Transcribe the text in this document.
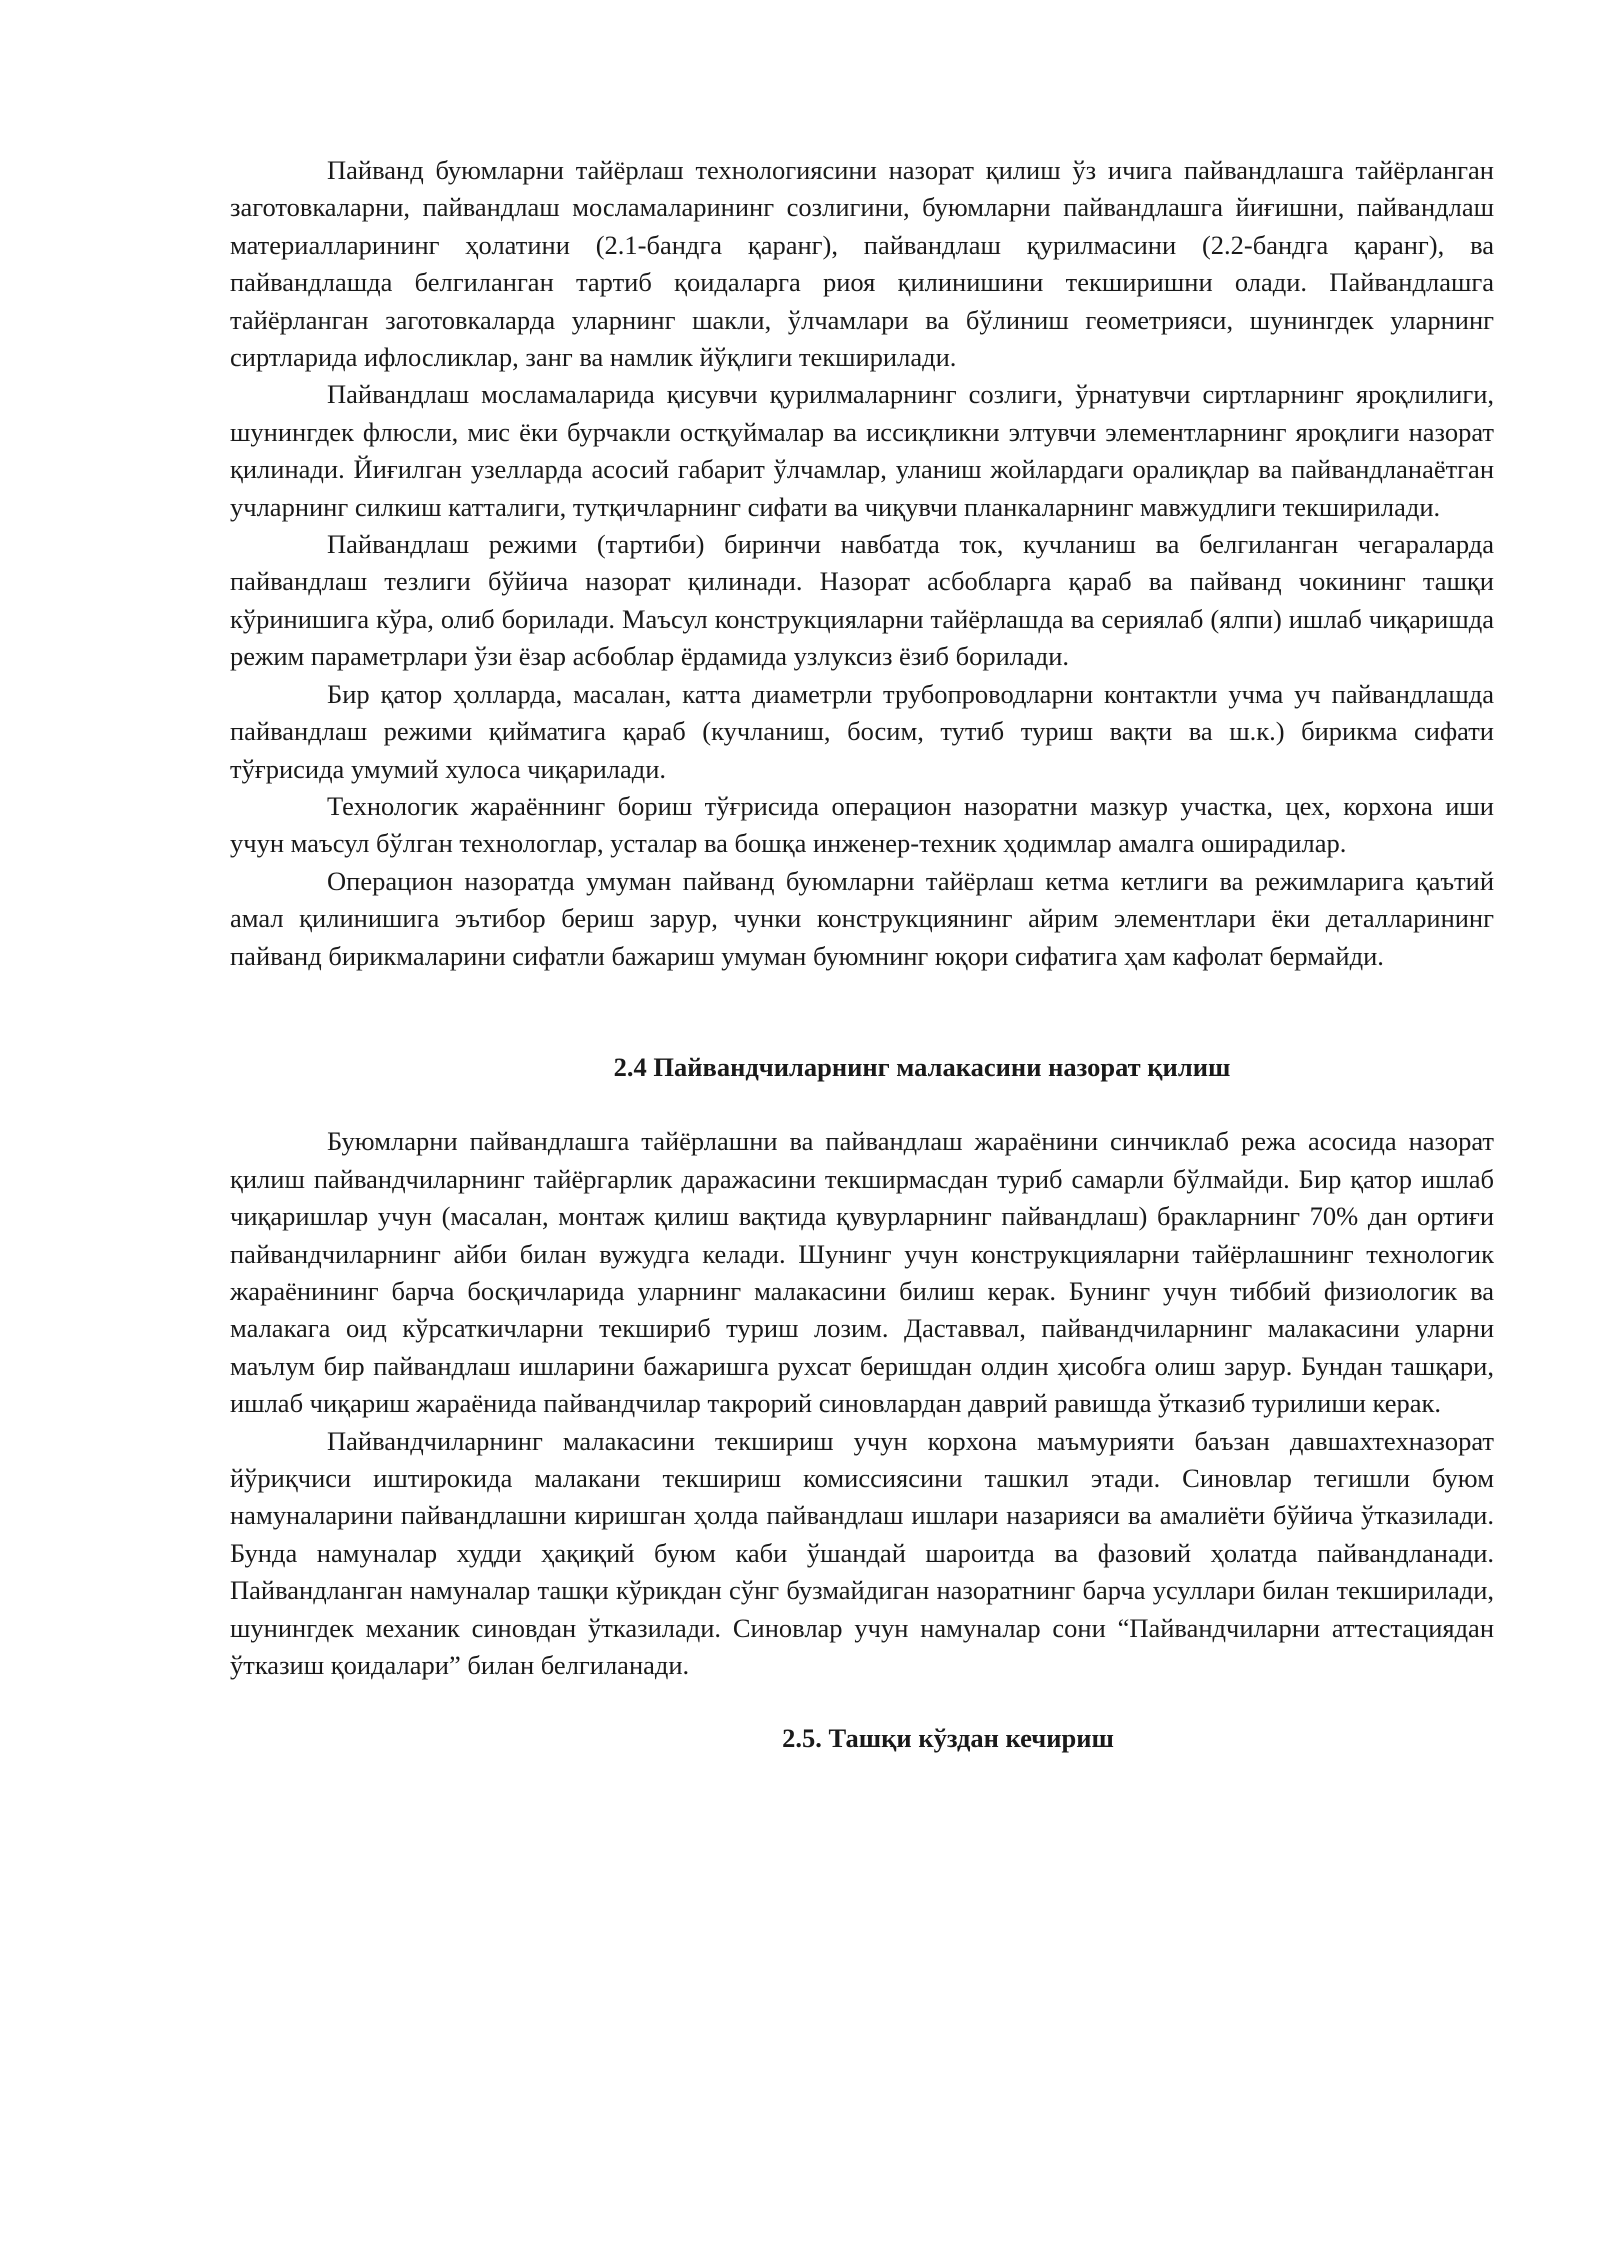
Пайванд буюмларни тайёрлаш технологиясини назорат қилиш ўз ичига пайвандлашга тайёрланган заготовкаларни, пайвандлаш мосламаларининг созлигини, буюмларни пайвандлашга йиғишни, пайвандлаш материалларининг ҳолатини (2.1-бандга қаранг), пайвандлаш қурилмасини (2.2-бандга қаранг), ва пайвандлашда белгиланган тартиб қоидаларга риоя қилинишини текширишни олади. Пайвандлашга тайёрланган заготовкаларда уларнинг шакли, ўлчамлари ва бўлиниш геометрияси, шунингдек уларнинг сиртларида ифлосликлар, занг ва намлик йўқлиги текширилади.

Пайвандлаш мосламаларида қисувчи қурилмаларнинг созлиги, ўрнатувчи сиртларнинг яроқлилиги, шунингдек флюсли, мис ёки бурчакли остқуймалар ва иссиқликни элтувчи элементларнинг яроқлиги назорат қилинади. Йиғилган узелларда асосий габарит ўлчамлар, уланиш жойлардаги оралиқлар ва пайвандланаётган учларнинг силкиш катталиги, тутқичларнинг сифати ва чиқувчи планкаларнинг мавжудлиги текширилади.

Пайвандлаш режими (тартиби) биринчи навбатда ток, кучланиш ва белгиланган чегараларда пайвандлаш тезлиги бўйича назорат қилинади. Назорат асбобларга қараб ва пайванд чокининг ташқи кўринишига кўра, олиб борилади. Маъсул конструкцияларни тайёрлашда ва сериялаб (ялпи) ишлаб чиқаришда режим параметрлари ўзи ёзар асбоблар ёрдамида узлуксиз ёзиб борилади.

Бир қатор ҳолларда, масалан, катта диаметрли трубопроводларни контактли учма уч пайвандлашда пайвандлаш режими қийматига қараб (кучланиш, босим, тутиб туриш вақти ва ш.к.) бирикма сифати тўғрисида умумий хулоса чиқарилади.

Технологик жараённинг бориш тўғрисида операцион назоратни мазкур участка, цех, корхона иши учун маъсул бўлган технологлар, усталар ва бошқа инженер-техник ҳодимлар амалга оширадилар.

Операцион назоратда умуман пайванд буюмларни тайёрлаш кетма кетлиги ва режимларига қаътий амал қилинишига эътибор бериш зарур, чунки конструкциянинг айрим элементлари ёки деталларининг пайванд бирикмаларини сифатли бажариш умуман буюмнинг юқори сифатига ҳам кафолат бермайди.

2.4 Пайвандчиларнинг малакасини назорат қилиш

Буюмларни пайвандлашга тайёрлашни ва пайвандлаш жараёнини синчиклаб режа асосида назорат қилиш пайвандчиларнинг тайёргарлик даражасини текширмасдан туриб самарли бўлмайди. Бир қатор ишлаб чиқаришлар учун (масалан, монтаж қилиш вақтида қувурларнинг пайвандлаш) бракларнинг 70% дан ортиғи пайвандчиларнинг айби билан вужудга келади. Шунинг учун конструкцияларни тайёрлашнинг технологик жараёнининг барча босқичларида уларнинг малакасини билиш керак. Бунинг учун тиббий физиологик ва малакага оид кўрсаткичларни текшириб туриш лозим. Даставвал, пайвандчиларнинг малакасини уларни маълум бир пайвандлаш ишларини бажаришга рухсат беришдан олдин ҳисобга олиш зарур. Бундан ташқари, ишлаб чиқариш жараёнида пайвандчилар такрорий синовлардан даврий равишда ўтказиб турилиши керак.

Пайвандчиларнинг малакасини текшириш учун корхона маъмурияти баъзан давшахтехназорат йўриқчиси иштирокида малакани текшириш комиссиясини ташкил этади. Синовлар тегишли буюм намуналарини пайвандлашни киришган ҳолда пайвандлаш ишлари назарияси ва амалиёти бўйича ўтказилади. Бунда намуналар худди ҳақиқий буюм каби ўшандай шароитда ва фазовий ҳолатда пайвандланади. Пайвандланган намуналар ташқи кўрикдан сўнг бузмайдиган назоратнинг барча усуллари билан текширилади, шунингдек механик синовдан ўтказилади. Синовлар учун намуналар сони “Пайвандчиларни аттестациядан ўтказиш қоидалари” билан белгиланади.

2.5. Ташқи кўздан кечириш
